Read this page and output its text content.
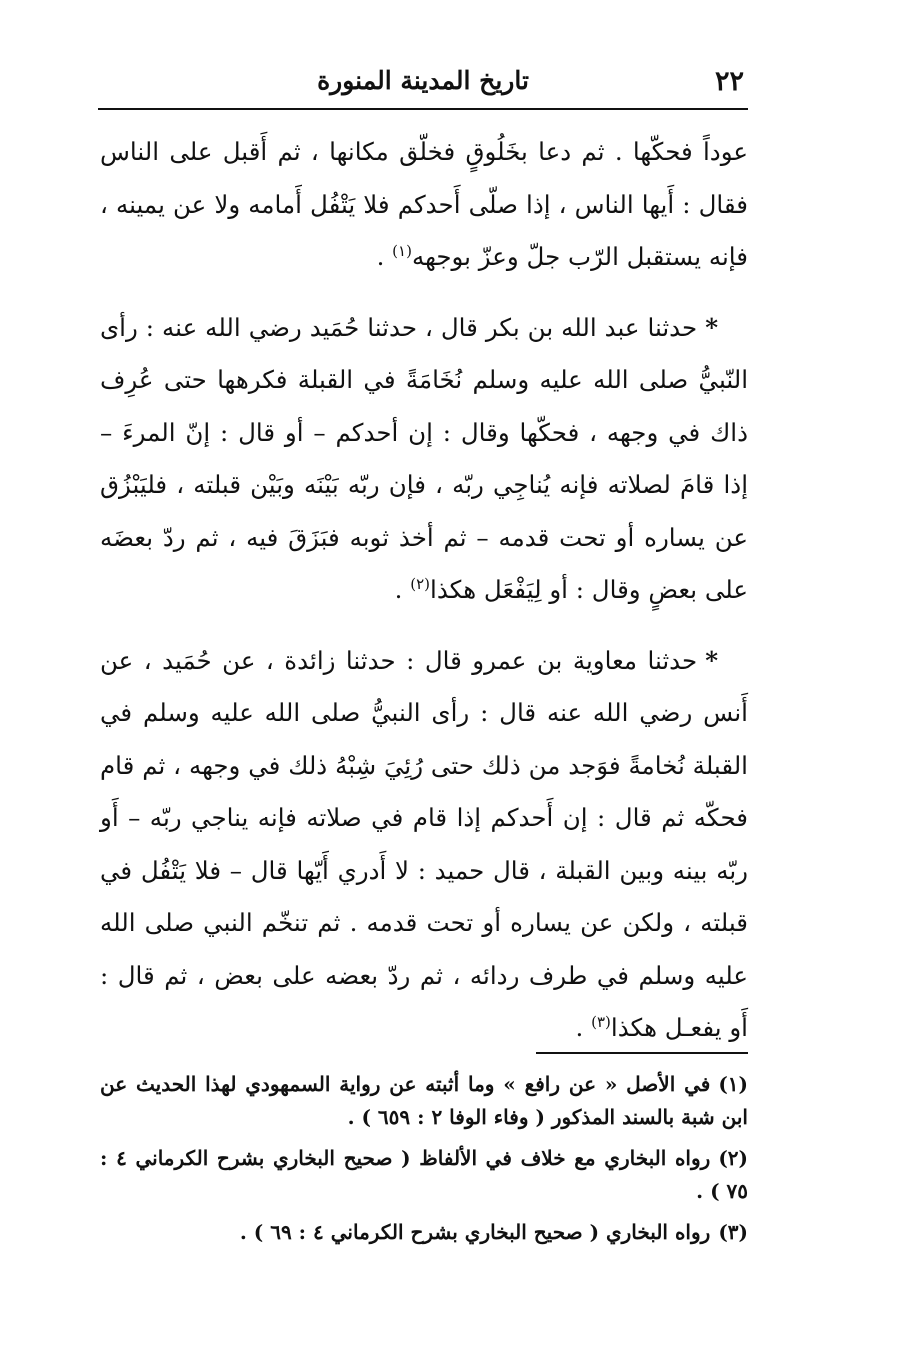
٢٢
تاريخ المدينة المنورة

عوداً فحكّها . ثم دعا بخَلُوقٍ فخلّق مكانها ، ثم أَقبل على الناس فقال : أَيها الناس ، إذا صلّى أَحدكم فلا يَتْفُل أَمامه ولا عن يمينه ، فإنه يستقبل الرّب جلّ وعزّ بوجهه$^{(١)}$ .

*حدثنا عبد الله بن بكر قال ، حدثنا حُمَيد رضي الله عنه : رأى النّبيُّ صلى الله عليه وسلم نُخَامَةً في القبلة فكرهها حتى عُرِف ذاك في وجهه ، فحكّها وقال : إن أحدكم – أو قال : إنّ المرءَ – إذا قامَ لصلاته فإنه يُناجِي ربّه ، فإن ربّه بَيْنَه وبَيْن قبلته ، فليَبْزُق عن يساره أو تحت قدمه – ثم أخذ ثوبه فبَزَقَ فيه ، ثم ردّ بعضَه على بعضٍ وقال : أو لِيَفْعَل هكذا$^{(٢)}$ .

*حدثنا معاوية بن عمرو قال : حدثنا زائدة ، عن حُمَيد ، عن أَنس رضي الله عنه قال : رأى النبيُّ صلى الله عليه وسلم في القبلة نُخامةً فوَجد من ذلك حتى رُئِيَ شِبْهُ ذلك في وجهه ، ثم قام فحكّه ثم قال : إن أَحدكم إذا قام في صلاته فإنه يناجي ربّه – أَو ربّه بينه وبين القبلة ، قال حميد : لا أَدري أَيّها قال – فلا يَتْفُل في قبلته ، ولكن عن يساره أو تحت قدمه . ثم تنخّم النبي صلى الله عليه وسلم في طرف ردائه ، ثم ردّ بعضه على بعض ، ثم قال : أَو يفعـل هكذا$^{(٣)}$ .

(١)في الأصل « عن رافع » وما أثبته عن رواية السمهودي لهذا الحديث عن ابن شبة بالسند المذكور ( وفاء الوفا ٢ : ٦٥٩ ) .

(٢)رواه البخاري مع خلاف في الألفاظ ( صحيح البخاري بشرح الكرماني ٤ : ٧٥ ) .

(٣)رواه البخاري ( صحيح البخاري بشرح الكرماني ٤ : ٦٩ ) .
